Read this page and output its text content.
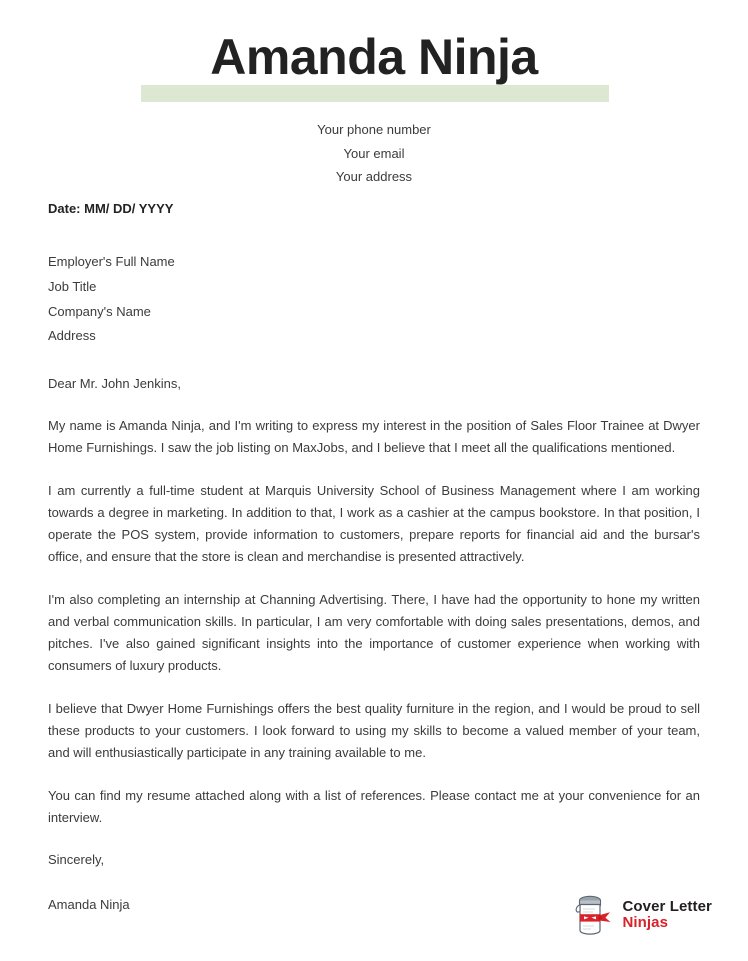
Amanda Ninja
Your phone number
Your email
Your address
Date: MM/ DD/ YYYY
Employer's Full Name
Job Title
Company's Name
Address
Dear Mr. John Jenkins,

My name is Amanda Ninja, and I'm writing to express my interest in the position of Sales Floor Trainee at Dwyer Home Furnishings. I saw the job listing on MaxJobs, and I believe that I meet all the qualifications mentioned.

I am currently a full-time student at Marquis University School of Business Management where I am working towards a degree in marketing. In addition to that, I work as a cashier at the campus bookstore. In that position, I operate the POS system, provide information to customers, prepare reports for financial aid and the bursar's office, and ensure that the store is clean and merchandise is presented attractively.

I'm also completing an internship at Channing Advertising. There, I have had the opportunity to hone my written and verbal communication skills. In particular, I am very comfortable with doing sales presentations, demos, and pitches. I've also gained significant insights into the importance of customer experience when working with consumers of luxury products.

I believe that Dwyer Home Furnishings offers the best quality furniture in the region, and I would be proud to sell these products to your customers. I look forward to using my skills to become a valued member of your team, and will enthusiastically participate in any training available to me.

You can find my resume attached along with a list of references. Please contact me at your convenience for an interview.

Sincerely,
Amanda Ninja	Cover Letter
Ninjas
